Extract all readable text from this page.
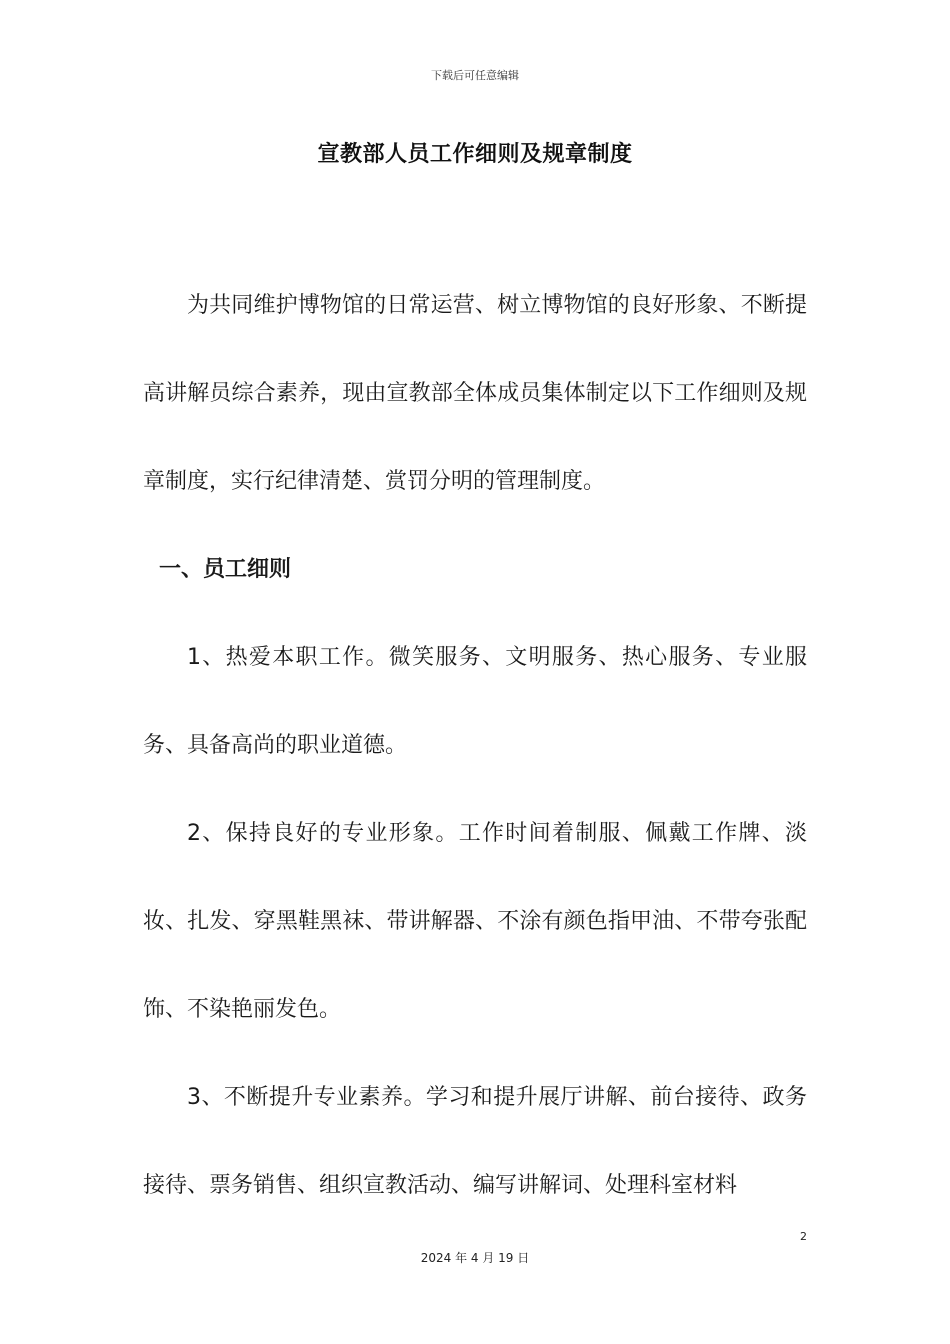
下载后可任意编辑
宣教部人员工作细则及规章制度

为共同维护博物馆的日常运营、树立博物馆的良好形象、不断提高讲解员综合素养，现由宣教部全体成员集体制定以下工作细则及规章制度，实行纪律清楚、赏罚分明的管理制度。

一、员工细则

1、热爱本职工作。微笑服务、文明服务、热心服务、专业服务、具备高尚的职业道德。

2、保持良好的专业形象。工作时间着制服、佩戴工作牌、淡妆、扎发、穿黑鞋黑袜、带讲解器、不涂有颜色指甲油、不带夸张配饰、不染艳丽发色。

3、不断提升专业素养。学习和提升展厅讲解、前台接待、政务接待、票务销售、组织宣教活动、编写讲解词、处理科室材料

2
2024 年 4 月 19 日
